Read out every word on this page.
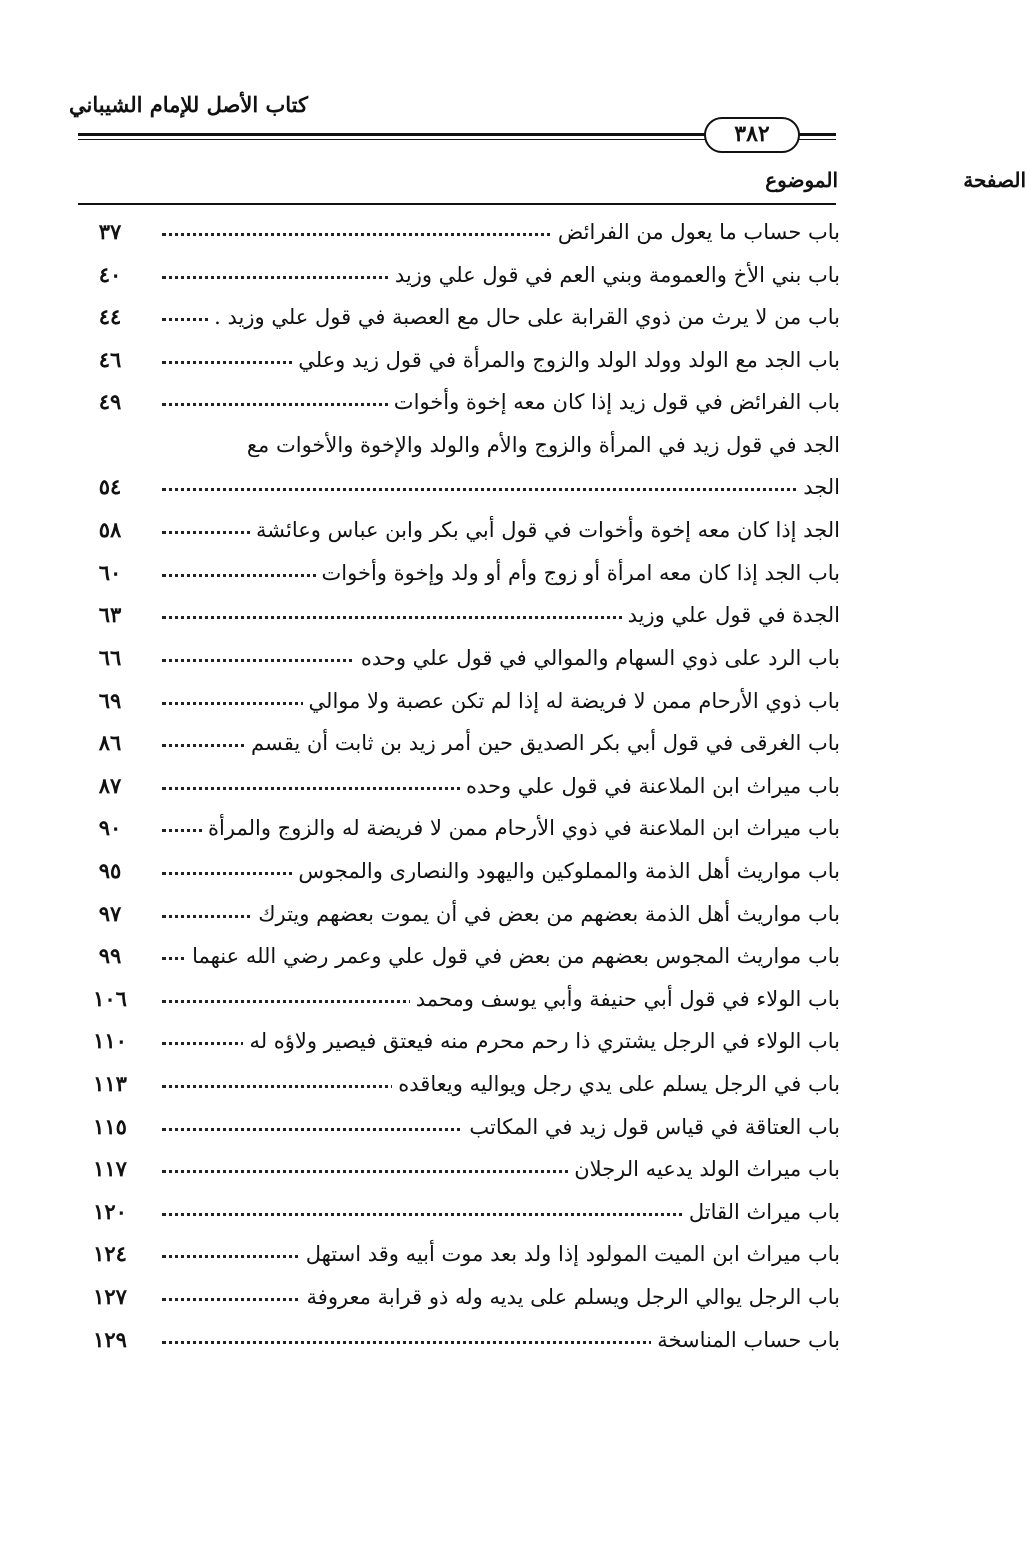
كتاب الأصل للإمام الشيباني
٣٨٢
الموضوع	الصفحة
باب حساب ما يعول من الفرائض
٣٧
باب بني الأخ والعمومة وبني العم في قول علي وزيد
٤٠
باب من لا يرث من ذوي القرابة على حال مع العصبة في قول علي وزيد .
٤٤
باب الجد مع الولد وولد الولد والزوج والمرأة في قول زيد وعلي
٤٦
باب الفرائض في قول زيد إذا كان معه إخوة وأخوات
٤٩
الجد في قول زيد في المرأة والزوج والأم والولد والإخوة والأخوات مع
الجد
٥٤
الجد إذا كان معه إخوة وأخوات في قول أبي بكر وابن عباس وعائشة
٥٨
باب الجد إذا كان معه امرأة أو زوج وأم أو ولد وإخوة وأخوات
٦٠
الجدة في قول علي وزيد
٦٣
باب الرد على ذوي السهام والموالي في قول علي وحده
٦٦
باب ذوي الأرحام ممن لا فريضة له إذا لم تكن عصبة ولا موالي
٦٩
باب الغرقى في قول أبي بكر الصديق حين أمر زيد بن ثابت أن يقسم
٨٦
باب ميراث ابن الملاعنة في قول علي وحده
٨٧
باب ميراث ابن الملاعنة في ذوي الأرحام ممن لا فريضة له والزوج والمرأة
٩٠
باب مواريث أهل الذمة والمملوكين واليهود والنصارى والمجوس
٩٥
باب مواريث أهل الذمة بعضهم من بعض في أن يموت بعضهم ويترك
٩٧
باب مواريث المجوس بعضهم من بعض في قول علي وعمر رضي الله عنهما
٩٩
باب الولاء في قول أبي حنيفة وأبي يوسف ومحمد
١٠٦
باب الولاء في الرجل يشتري ذا رحم محرم منه فيعتق فيصير ولاؤه له
١١٠
باب في الرجل يسلم على يدي رجل ويواليه ويعاقده
١١٣
باب العتاقة في قياس قول زيد في المكاتب
١١٥
باب ميراث الولد يدعيه الرجلان
١١٧
باب ميراث القاتل
١٢٠
باب ميراث ابن الميت المولود إذا ولد بعد موت أبيه وقد استهل
١٢٤
باب الرجل يوالي الرجل ويسلم على يديه وله ذو قرابة معروفة
١٢٧
باب حساب المناسخة
١٢٩
